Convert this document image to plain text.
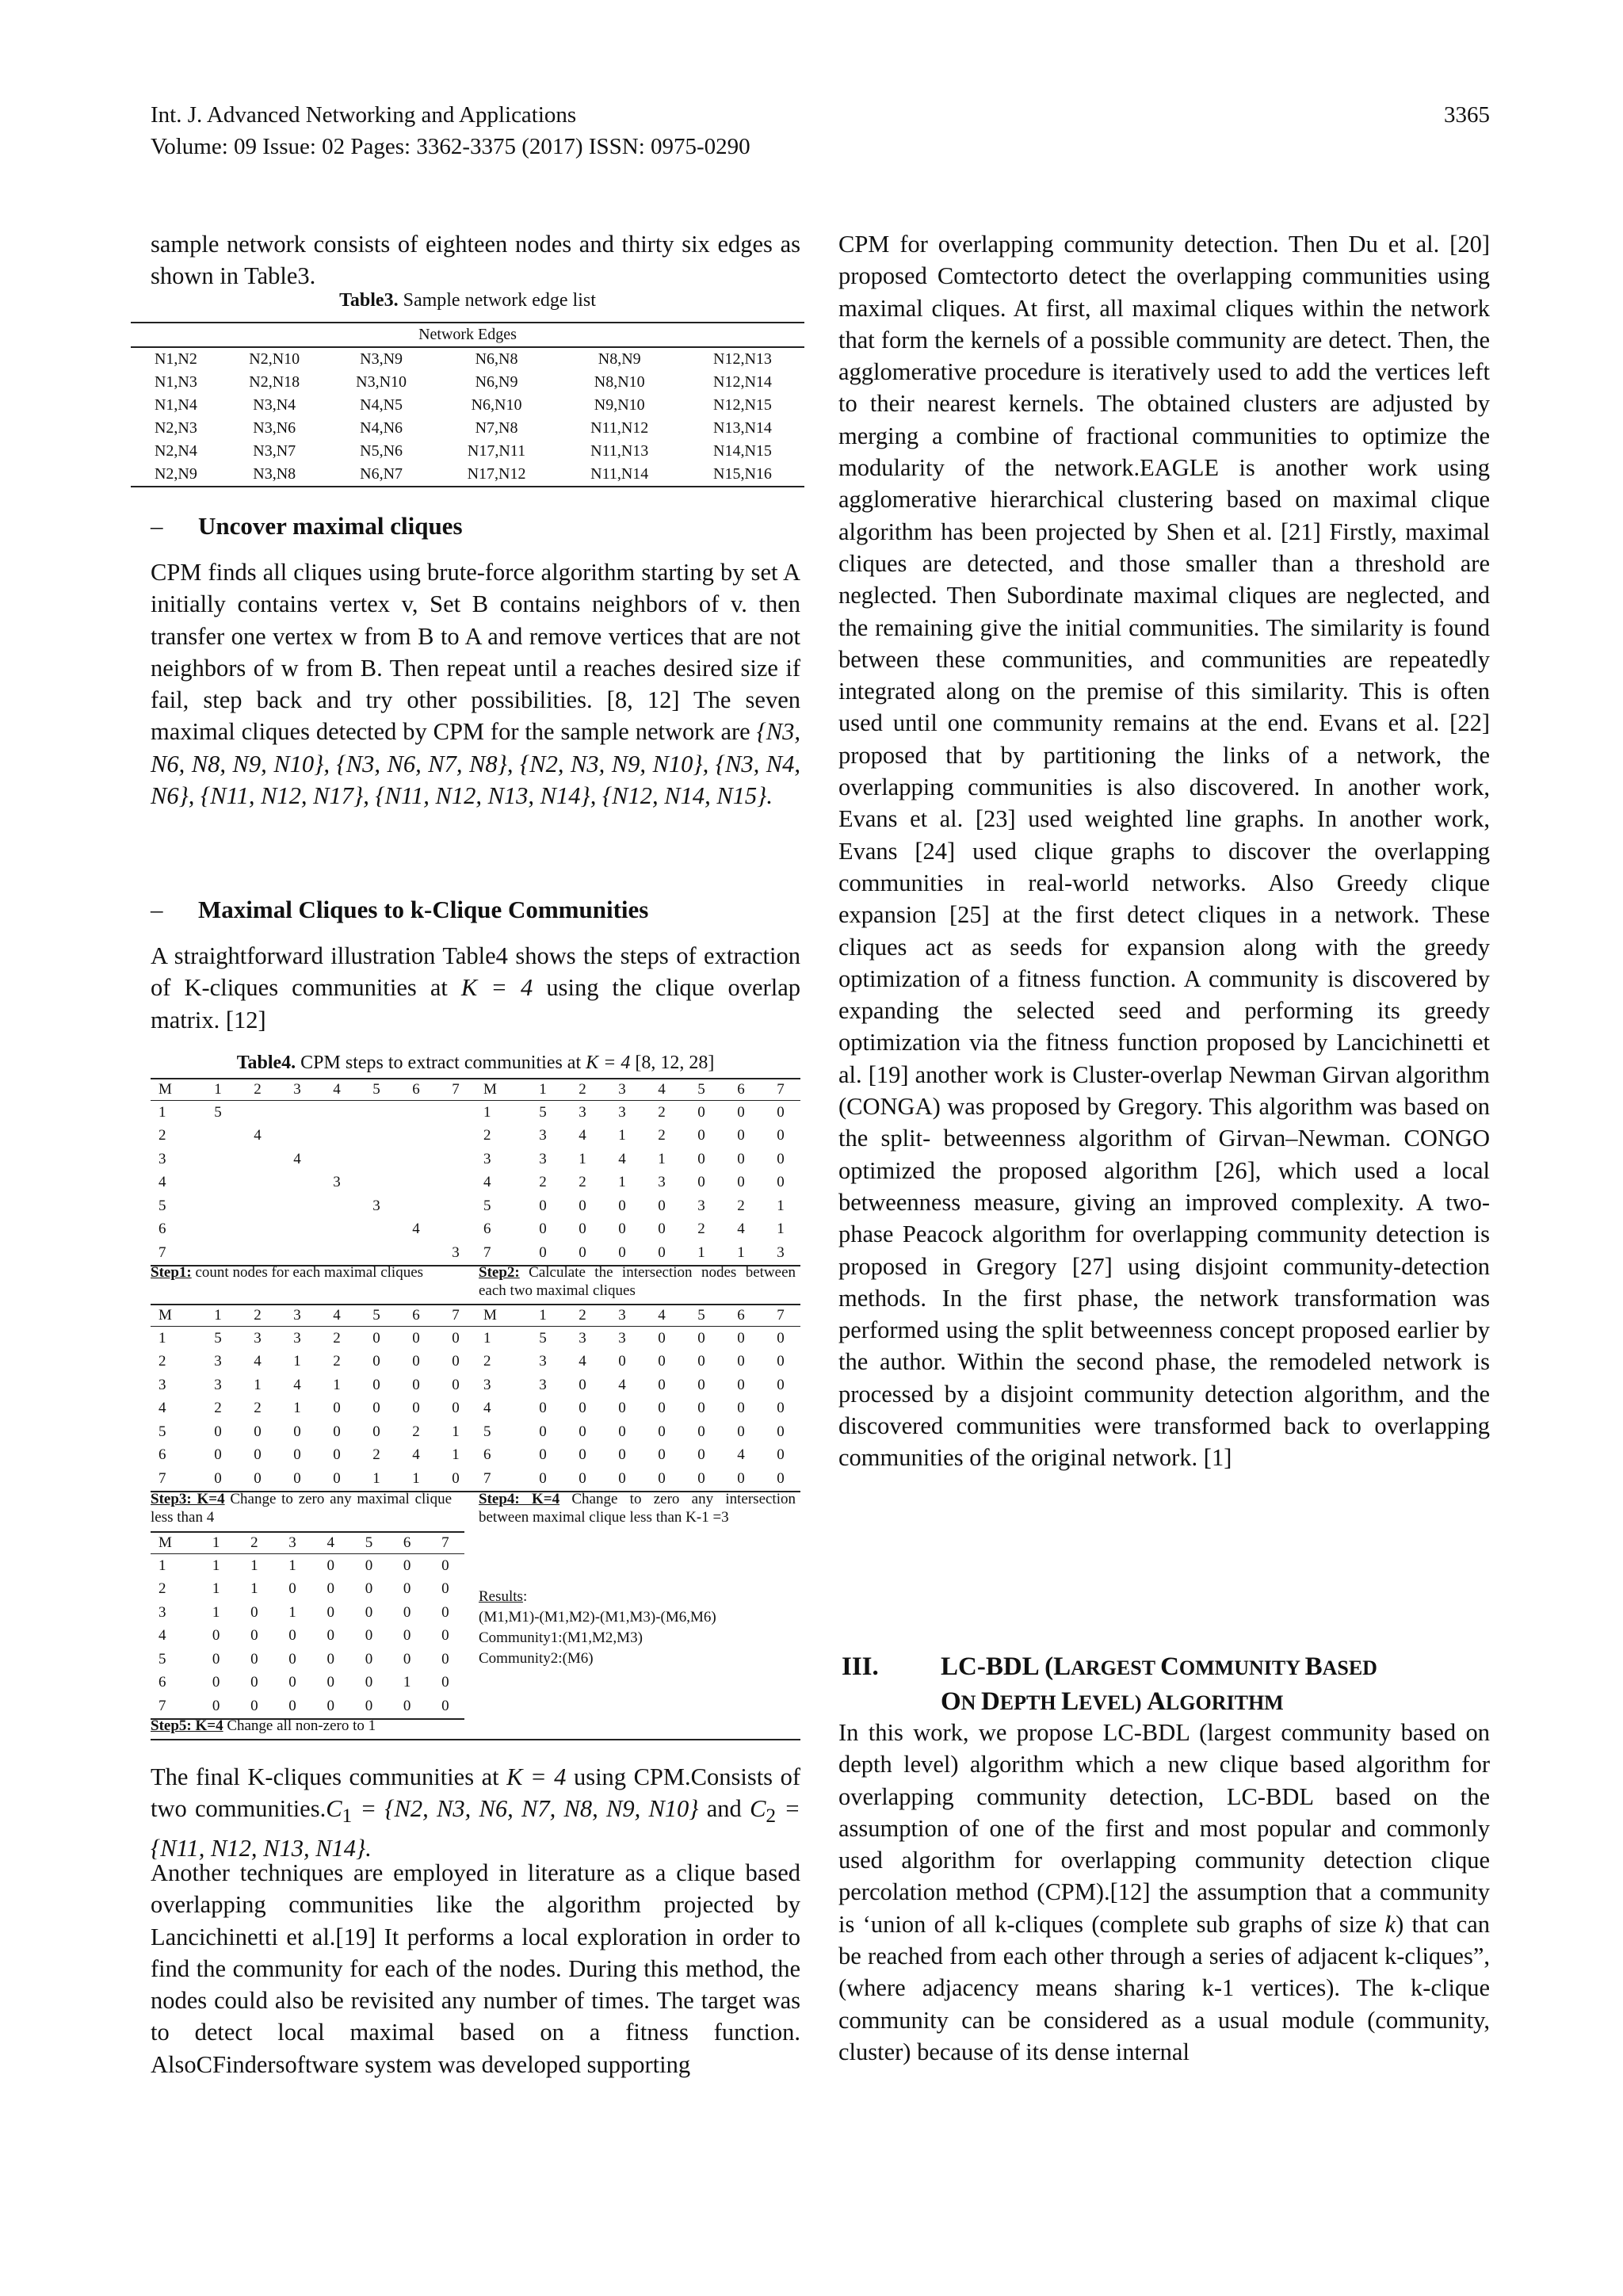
Int. J. Advanced Networking and Applications
Volume: 09 Issue: 02 Pages: 3362-3375 (2017) ISSN: 0975-0290
3365
sample network consists of eighteen nodes and thirty six edges as shown in Table3.
Table3. Sample network edge list
Network Edges					
N1,N2	N2,N10	N3,N9	N6,N8	N8,N9	N12,N13
N1,N3	N2,N18	N3,N10	N6,N9	N8,N10	N12,N14
N1,N4	N3,N4	N4,N5	N6,N10	N9,N10	N12,N15
N2,N3	N3,N6	N4,N6	N7,N8	N11,N12	N13,N14
N2,N4	N3,N7	N5,N6	N17,N11	N11,N13	N14,N15
N2,N9	N3,N8	N6,N7	N17,N12	N11,N14	N15,N16
– Uncover maximal cliques

CPM finds all cliques using brute-force algorithm starting by set A initially contains vertex v, Set B contains neighbors of v. then transfer one vertex w from B to A and remove vertices that are not neighbors of w from B. Then repeat until a reaches desired size if fail, step back and try other possibilities. [8, 12] The seven maximal cliques detected by CPM for the sample network are {N3, N6, N8, N9, N10}, {N3, N6, N7, N8}, {N2, N3, N9, N10}, {N3, N4, N6}, {N11, N12, N17}, {N11, N12, N13, N14}, {N12, N14, N15}.

– Maximal Cliques to k-Clique Communities

A straightforward illustration Table4 shows the steps of extraction of K-cliques communities at K = 4 using the clique overlap matrix. [12]

Table4. CPM steps to extract communities at K = 4 [8, 12, 28]
M	1	2	3	4	5	6	7
1	5						
2		4					
3			4				
4				3			
5					3		
6						4	
7							3
M	1	2	3	4	5	6	7
1	5	3	3	2	0	0	0
2	3	4	1	2	0	0	0
3	3	1	4	1	0	0	0
4	2	2	1	3	0	0	0
5	0	0	0	0	3	2	1
6	0	0	0	0	2	4	1
7	0	0	0	0	1	1	3
Step1: count nodes for each maximal cliques	Step2: Calculate the intersection nodes between each two maximal cliques
M	1	2	3	4	5	6	7
1	5	3	3	2	0	0	0
2	3	4	1	2	0	0	0
3	3	1	4	1	0	0	0
4	2	2	1	0	0	0	0
5	0	0	0	0	0	2	1
6	0	0	0	0	2	4	1
7	0	0	0	0	1	1	0
M	1	2	3	4	5	6	7
1	5	3	3	0	0	0	0
2	3	4	0	0	0	0	0
3	3	0	4	0	0	0	0
4	0	0	0	0	0	0	0
5	0	0	0	0	0	0	0
6	0	0	0	0	0	4	0
7	0	0	0	0	0	0	0
Step3: K=4 Change to zero any maximal clique less than 4
Step4: K=4 Change to zero any intersection between maximal clique less than K-1 =3
M	1	2	3	4	5	6	7
1	1	1	1	0	0	0	0
2	1	1	0	0	0	0	0
3	1	0	1	0	0	0	0
4	0	0	0	0	0	0	0
5	0	0	0	0	0	0	0
6	0	0	0	0	0	1	0
7	0	0	0	0	0	0	0
Step5: K=4 Change all non-zero to 1
Results:
(M1,M1)-(M1,M2)-(M1,M3)-(M6,M6)
Community1:(M1,M2,M3)
Community2:(M6)

The final K-cliques communities at K = 4 using CPM.Consists of two $communities.C_1 = \{N2$, N3, N6, N7, N8, N9, N10} and $C_2 = \{N11$, N12, N13, N14}.

Another techniques are employed in literature as a clique based overlapping communities like the algorithm projected by Lancichinetti et al.[19] It performs a local exploration in order to find the community for each of the nodes. During this method, the nodes could also be revisited any number of times. The target was to detect local maximal based on a fitness function. AlsoCFindersoftware system was developed supporting
CPM for overlapping community detection. Then Du et al. [20] proposed Comtectorto detect the overlapping communities using maximal cliques. At first, all maximal cliques within the network that form the kernels of a possible community are detect. Then, the agglomerative procedure is iteratively used to add the vertices left to their nearest kernels. The obtained clusters are adjusted by merging a combine of fractional communities to optimize the modularity of the network.EAGLE is another work using agglomerative hierarchical clustering based on maximal clique algorithm has been projected by Shen et al. [21] Firstly, maximal cliques are detected, and those smaller than a threshold are neglected. Then Subordinate maximal cliques are neglected, and the remaining give the initial communities. The similarity is found between these communities, and communities are repeatedly integrated along on the premise of this similarity. This is often used until one community remains at the end. Evans et al. [22] proposed that by partitioning the links of a network, the overlapping communities is also discovered. In another work, Evans et al. [23] used weighted line graphs. In another work, Evans [24] used clique graphs to discover the overlapping communities in real-world networks. Also Greedy clique expansion [25] at the first detect cliques in a network. These cliques act as seeds for expansion along with the greedy optimization of a fitness function. A community is discovered by expanding the selected seed and performing its greedy optimization via the fitness function proposed by Lancichinetti et al. [19] another work is Cluster-overlap Newman Girvan algorithm (CONGA) was proposed by Gregory. This algorithm was based on the split- betweenness algorithm of Girvan–Newman. CONGO optimized the proposed algorithm [26], which used a local betweenness measure, giving an improved complexity. A two-phase Peacock algorithm for overlapping community detection is proposed in Gregory [27] using disjoint community-detection methods. In the first phase, the network transformation was performed using the split betweenness concept proposed earlier by the author. Within the second phase, the remodeled network is processed by a disjoint community detection algorithm, and the discovered communities were transformed back to overlapping communities of the original network. [1]
III. LC-BDL (LARGEST COMMUNITY BASED
ON DEPTH LEVEL) ALGORITHM

In this work, we propose LC-BDL (largest community based on depth level) algorithm which a new clique based algorithm for overlapping community detection, LC-BDL based on the assumption of one of the first and most popular and commonly used algorithm for overlapping community detection clique percolation method (CPM).[12] the assumption that a community is ‘union of all k-cliques (complete sub graphs of size k) that can be reached from each other through a series of adjacent k-cliques”, (where adjacency means sharing k-1 vertices). The k-clique community can be considered as a usual module (community, cluster) because of its dense internal
